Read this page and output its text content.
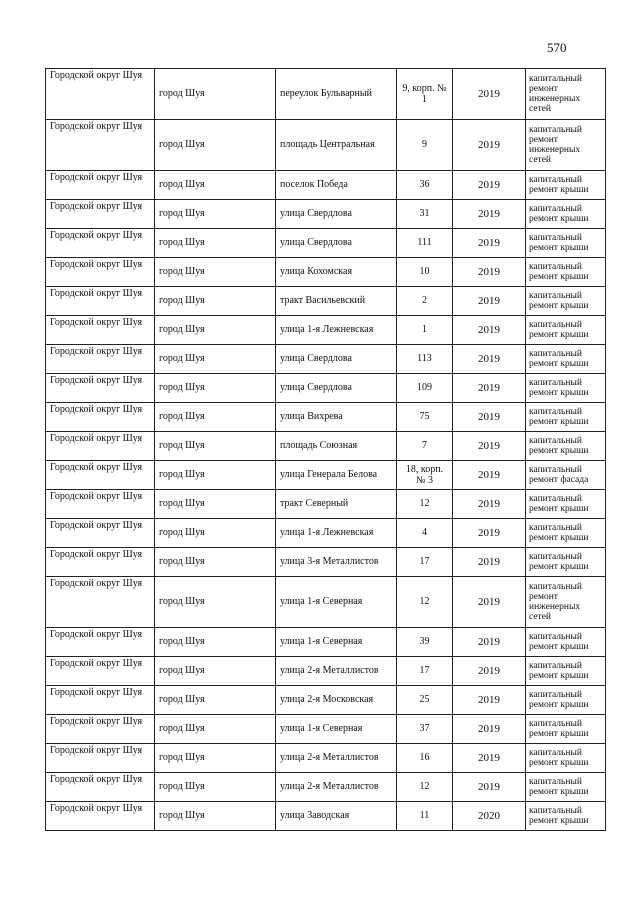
570
Городской округ Шуя	город Шуя	переулок Бульварный	9, корп. № 1	2019	капитальный ремонт инженерных сетей
Городской округ Шуя	город Шуя	площадь Центральная	9	2019	капитальный ремонт инженерных сетей
Городской округ Шуя	город Шуя	поселок Победа	36	2019	капитальный ремонт крыши
Городской округ Шуя	город Шуя	улица Свердлова	31	2019	капитальный ремонт крыши
Городской округ Шуя	город Шуя	улица Свердлова	111	2019	капитальный ремонт крыши
Городской округ Шуя	город Шуя	улица Кохомская	10	2019	капитальный ремонт крыши
Городской округ Шуя	город Шуя	тракт Васильевский	2	2019	капитальный ремонт крыши
Городской округ Шуя	город Шуя	улица 1-я Лежневская	1	2019	капитальный ремонт крыши
Городской округ Шуя	город Шуя	улица Свердлова	113	2019	капитальный ремонт крыши
Городской округ Шуя	город Шуя	улица Свердлова	109	2019	капитальный ремонт крыши
Городской округ Шуя	город Шуя	улица Вихрева	75	2019	капитальный ремонт крыши
Городской округ Шуя	город Шуя	площадь Союзная	7	2019	капитальный ремонт крыши
Городской округ Шуя	город Шуя	улица Генерала Белова	18, корп. № 3	2019	капитальный ремонт фасада
Городской округ Шуя	город Шуя	тракт Северный	12	2019	капитальный ремонт крыши
Городской округ Шуя	город Шуя	улица 1-я Лежневская	4	2019	капитальный ремонт крыши
Городской округ Шуя	город Шуя	улица 3-я Металлистов	17	2019	капитальный ремонт крыши
Городской округ Шуя	город Шуя	улица 1-я Северная	12	2019	капитальный ремонт инженерных сетей
Городской округ Шуя	город Шуя	улица 1-я Северная	39	2019	капитальный ремонт крыши
Городской округ Шуя	город Шуя	улица 2-я Металлистов	17	2019	капитальный ремонт крыши
Городской округ Шуя	город Шуя	улица 2-я Московская	25	2019	капитальный ремонт крыши
Городской округ Шуя	город Шуя	улица 1-я Северная	37	2019	капитальный ремонт крыши
Городской округ Шуя	город Шуя	улица 2-я Металлистов	16	2019	капитальный ремонт крыши
Городской округ Шуя	город Шуя	улица 2-я Металлистов	12	2019	капитальный ремонт крыши
Городской округ Шуя	город Шуя	улица Заводская	11	2020	капитальный ремонт крыши
